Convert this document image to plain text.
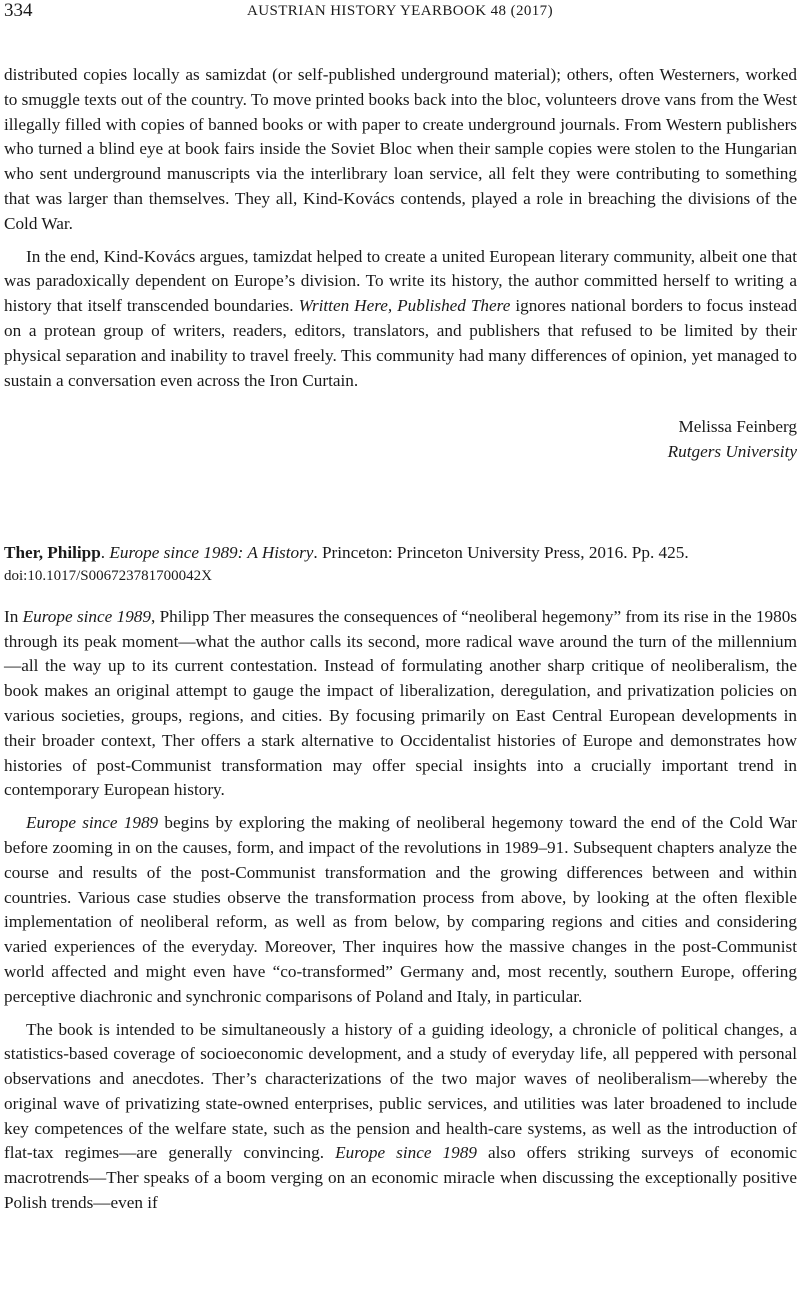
334	AUSTRIAN HISTORY YEARBOOK 48 (2017)

distributed copies locally as samizdat (or self-published underground material); others, often Westerners, worked to smuggle texts out of the country. To move printed books back into the bloc, volunteers drove vans from the West illegally filled with copies of banned books or with paper to create underground journals. From Western publishers who turned a blind eye at book fairs inside the Soviet Bloc when their sample copies were stolen to the Hungarian who sent underground manuscripts via the interlibrary loan service, all felt they were contributing to something that was larger than themselves. They all, Kind-Kovács contends, played a role in breaching the divisions of the Cold War.

In the end, Kind-Kovács argues, tamizdat helped to create a united European literary community, albeit one that was paradoxically dependent on Europe’s division. To write its history, the author committed herself to writing a history that itself transcended boundaries. Written Here, Published There ignores national borders to focus instead on a protean group of writers, readers, editors, translators, and publishers that refused to be limited by their physical separation and inability to travel freely. This community had many differences of opinion, yet managed to sustain a conversation even across the Iron Curtain.

Melissa Feinberg
Rutgers University
Ther, Philipp. Europe since 1989: A History. Princeton: Princeton University Press, 2016. Pp. 425.
doi:10.1017/S006723781700042X

In Europe since 1989, Philipp Ther measures the consequences of “neoliberal hegemony” from its rise in the 1980s through its peak moment—what the author calls its second, more radical wave around the turn of the millennium—all the way up to its current contestation. Instead of formulating another sharp critique of neoliberalism, the book makes an original attempt to gauge the impact of liberalization, deregulation, and privatization policies on various societies, groups, regions, and cities. By focusing primarily on East Central European developments in their broader context, Ther offers a stark alternative to Occidentalist histories of Europe and demonstrates how histories of post-Communist transformation may offer special insights into a crucially important trend in contemporary European history.

Europe since 1989 begins by exploring the making of neoliberal hegemony toward the end of the Cold War before zooming in on the causes, form, and impact of the revolutions in 1989–91. Subsequent chapters analyze the course and results of the post-Communist transformation and the growing differences between and within countries. Various case studies observe the transformation process from above, by looking at the often flexible implementation of neoliberal reform, as well as from below, by comparing regions and cities and considering varied experiences of the everyday. Moreover, Ther inquires how the massive changes in the post-Communist world affected and might even have “co-transformed” Germany and, most recently, southern Europe, offering perceptive diachronic and synchronic comparisons of Poland and Italy, in particular.

The book is intended to be simultaneously a history of a guiding ideology, a chronicle of political changes, a statistics-based coverage of socioeconomic development, and a study of everyday life, all peppered with personal observations and anecdotes. Ther’s characterizations of the two major waves of neoliberalism—whereby the original wave of privatizing state-owned enterprises, public services, and utilities was later broadened to include key competences of the welfare state, such as the pension and health-care systems, as well as the introduction of flat-tax regimes—are generally convincing. Europe since 1989 also offers striking surveys of economic macrotrends—Ther speaks of a boom verging on an economic miracle when discussing the exceptionally positive Polish trends—even if
